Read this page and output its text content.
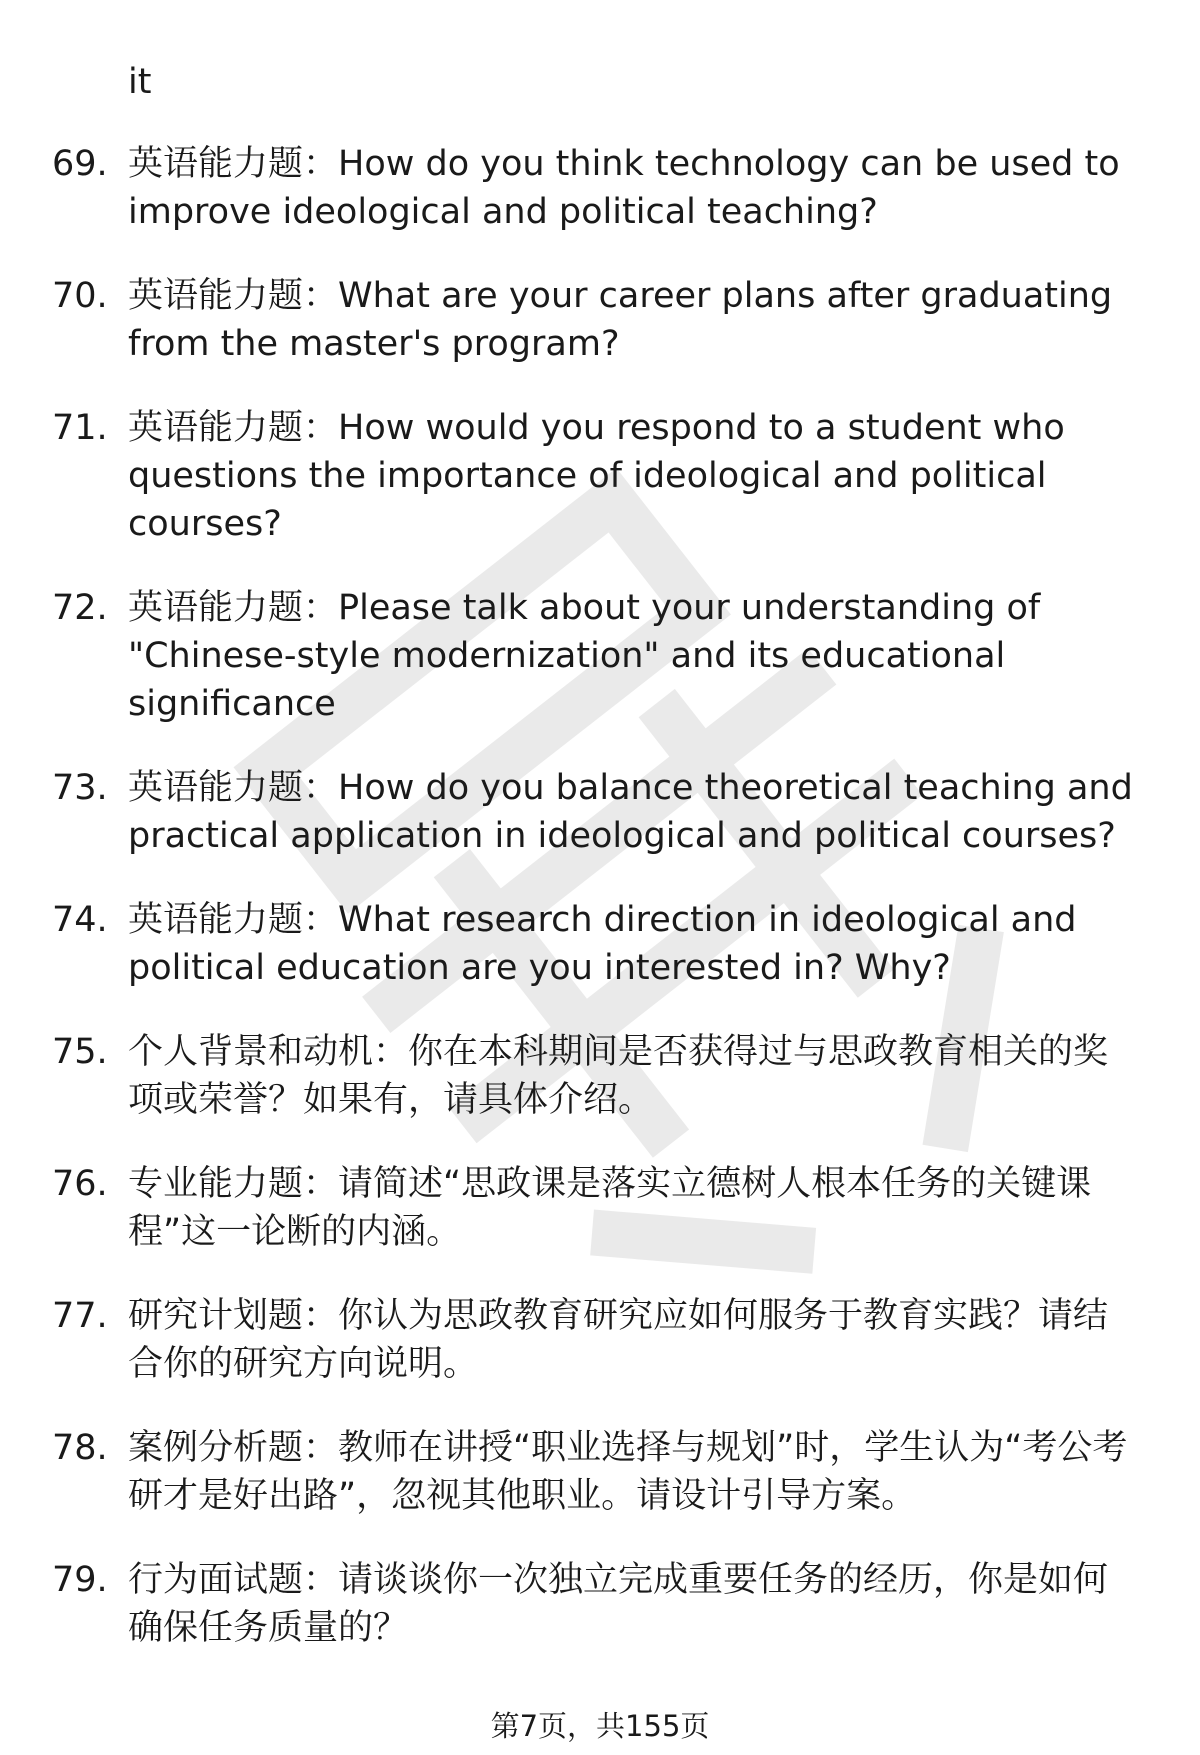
it
69. 英语能力题：How do you think technology can be used to improve ideological and political teaching?
70. 英语能力题：What are your career plans after graduating from the master's program?
71. 英语能力题：How would you respond to a student who questions the importance of ideological and political courses?
72. 英语能力题：Please talk about your understanding of "Chinese-style modernization" and its educational significance
73. 英语能力题：How do you balance theoretical teaching and practical application in ideological and political courses?
74. 英语能力题：What research direction in ideological and political education are you interested in? Why?
75. 个人背景和动机：你在本科期间是否获得过与思政教育相关的奖项或荣誉？如果有，请具体介绍。
76. 专业能力题：请简述“思政课是落实立德树人根本任务的关键课程”这一论断的内涵。
77. 研究计划题：你认为思政教育研究应如何服务于教育实践？请结合你的研究方向说明。
78. 案例分析题：教师在讲授“职业选择与规划”时，学生认为“考公考研才是好出路”，忽视其他职业。请设计引导方案。
79. 行为面试题：请谈谈你一次独立完成重要任务的经历，你是如何确保任务质量的？
第7页，共155页
